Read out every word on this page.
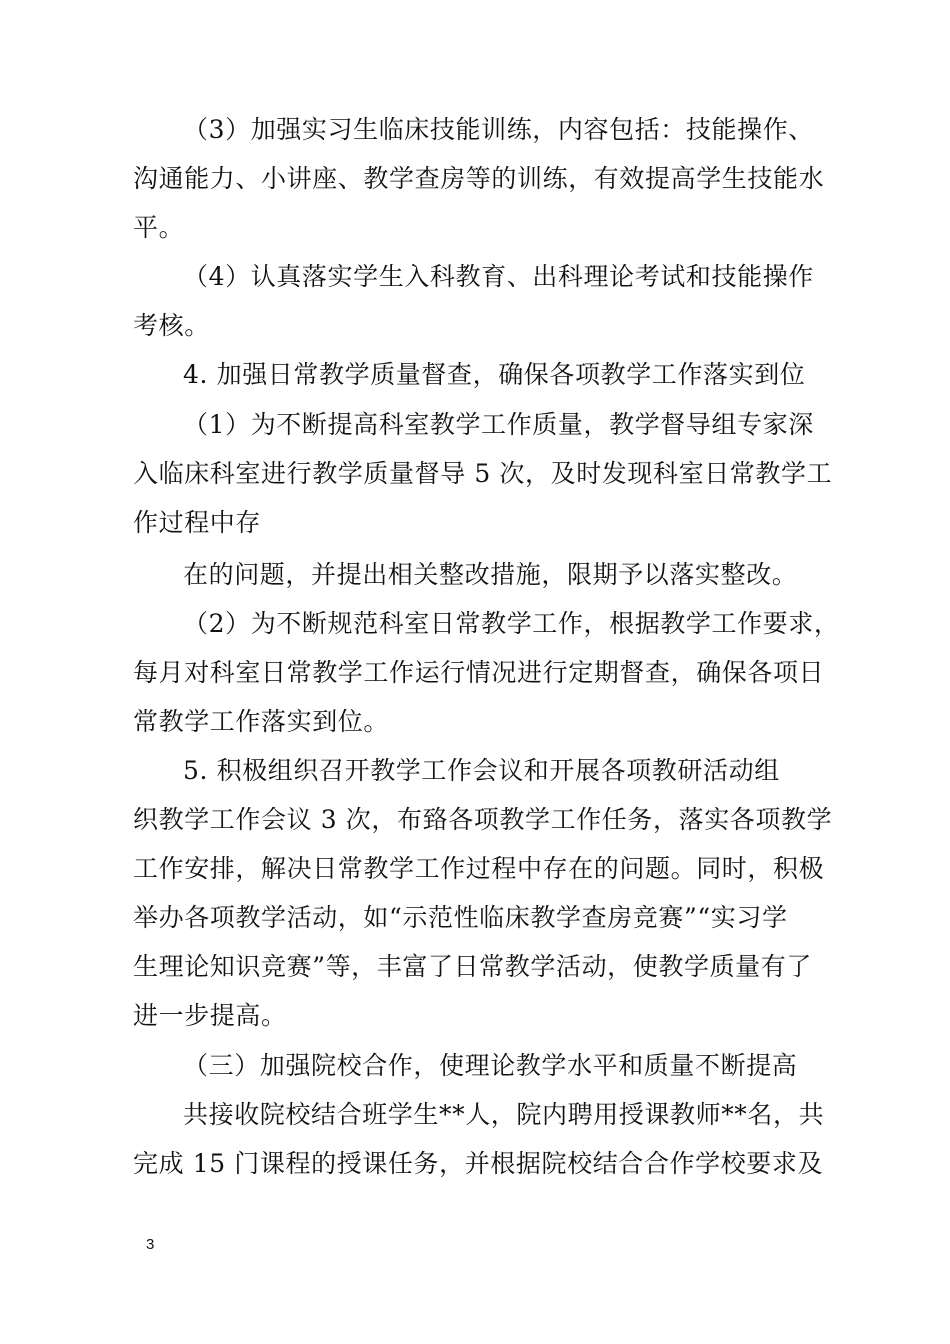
（3）加强实习生临床技能训练，内容包括：技能操作、
沟通能力、小讲座、教学查房等的训练，有效提高学生技能水
平。
（4）认真落实学生入科教育、出科理论考试和技能操作
考核。
4. 加强日常教学质量督查，确保各项教学工作落实到位
（1）为不断提高科室教学工作质量，教学督导组专家深
入临床科室进行教学质量督导 5 次，及时发现科室日常教学工
作过程中存
在的问题，并提出相关整改措施，限期予以落实整改。
（2）为不断规范科室日常教学工作，根据教学工作要求，
每月对科室日常教学工作运行情况进行定期督查，确保各项日
常教学工作落实到位。
5. 积极组织召开教学工作会议和开展各项教研活动组
织教学工作会议 3 次，布臵各项教学工作任务，落实各项教学
工作安排，解决日常教学工作过程中存在的问题。同时，积极
举办各项教学活动，如“示范性临床教学查房竞赛”“实习学
生理论知识竞赛”等，丰富了日常教学活动，使教学质量有了
进一步提高。
（三）加强院校合作，使理论教学水平和质量不断提高
共接收院校结合班学生**人，院内聘用授课教师**名，共
完成 15 门课程的授课任务，并根据院校结合合作学校要求及
3
